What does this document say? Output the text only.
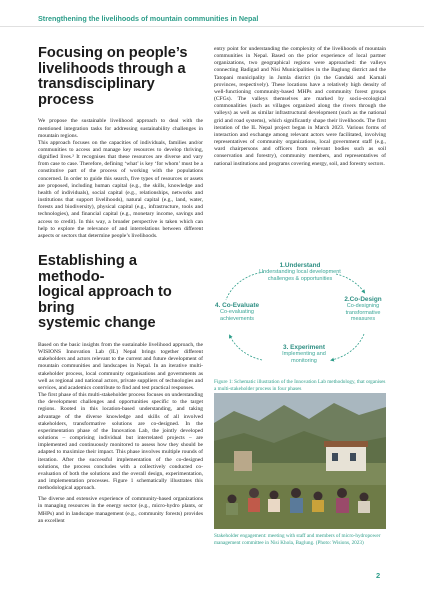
Strengthening the livelihoods of mountain communities in Nepal
Focusing on people’s
livelihoods through a
transdisciplinary process

We propose the sustainable livelihood approach to deal with the mentioned integration tasks for addressing sustainability challenges in mountain regions.

This approach focuses on the capacities of individuals, families and/or communities to access and manage key resources to develop thriving, dignified lives.² It recognises that these resources are diverse and vary from case to case. Therefore, defining ‘what’ is key ‘for whom’ must be a constitutive part of the process of working with the populations concerned. In order to guide this search, five types of resources or assets are proposed, including human capital (e.g., the skills, knowledge and health of individuals), social capital (e.g., relationships, networks and institutions that support livelihoods), natural capital (e.g., land, water, forests and biodiversity), physical capital (e.g., infrastructure, tools and technologies), and financial capital (e.g., monetary income, savings and access to credit). In this way, a broader perspective is taken which can help to explore the relevance of and interrelations between different aspects or sectors that determine people’s livelihoods.

Establishing a methodo-
logical approach to bring
systemic change

Based on the basic insights from the sustainable livelihood approach, the WISIONS Innovation Lab (IL) Nepal brings together different stakeholders and actors relevant to the current and future development of mountain communities and landscapes in Nepal. In an iterative multi-stakeholder process, local community organisations and governments as well as regional and national actors, private suppliers of technologies and services, and academics contribute to find and test practical responses.

The first phase of this multi-stakeholder process focuses on understanding the development challenges and opportunities specific to the target regions. Rooted in this location-based understanding, and taking advantage of the diverse knowledge and skills of all involved stakeholders, transformative solutions are co-designed. In the experimentation phase of the Innovation Lab, the jointly developed solutions – comprising individual but interrelated projects – are implemented and continuously monitored to assess how they should be adapted to maximize their impact. This phase involves multiple rounds of iteration. After the successful implementation of the co-designed solutions, the process concludes with a collectively conducted co-evaluation of both the solutions and the overall design, experimentation, and implementation processes. Figure 1 schematically illustrates this methodological approach.

The diverse and extensive experience of community-based organizations in managing resources in the energy sector (e.g., micro-hydro plants, or MHPs) and in landscape management (e.g., community forests) provides an excellent

entry point for understanding the complexity of the livelihoods of mountain communities in Nepal. Based on the prior experience of local partner organizations, two geographical regions were approached: the valleys connecting Badigad and Nisi Municipalities in the Baglung district and the Tatopani municipality in Jumla district (in the Gandaki and Karnali provinces, respectively). These locations have a relatively high density of well-functioning community-based MHPs and community forest groups (CFGs). The valleys themselves are marked by socio-ecological commonalities (such as villages organized along the rivers through the valleys) as well as similar infrastructural development (such as the national grid and road systems), which significantly shape their livelihoods. The first iteration of the IL Nepal project began in March 2023. Various forms of interaction and exchange among relevant actors were facilitated, involving representatives of community organizations, local government staff (e.g., ward chairpersons and officers from relevant bodies such as soil conservation and forestry), community members, and representatives of national institutions and programs covering energy, soil, and forestry sectors.

1.Understand
Understanding local development challenges & opportunities
2.Co-Design
Co-designing transformative measures
3. Experiment
Implementing and monitoring
4. Co-Evaluate
Co-evaluating achievements
Figure 1: Schematic illustration of the Innovation Lab methodology, that organises a multi-stakeholder process in four phases
Stakeholder engagement: meeting with staff and members of micro-hydropower management committee in Nisi Khola, Baglung. (Photo: Wisions, 2023)
2
